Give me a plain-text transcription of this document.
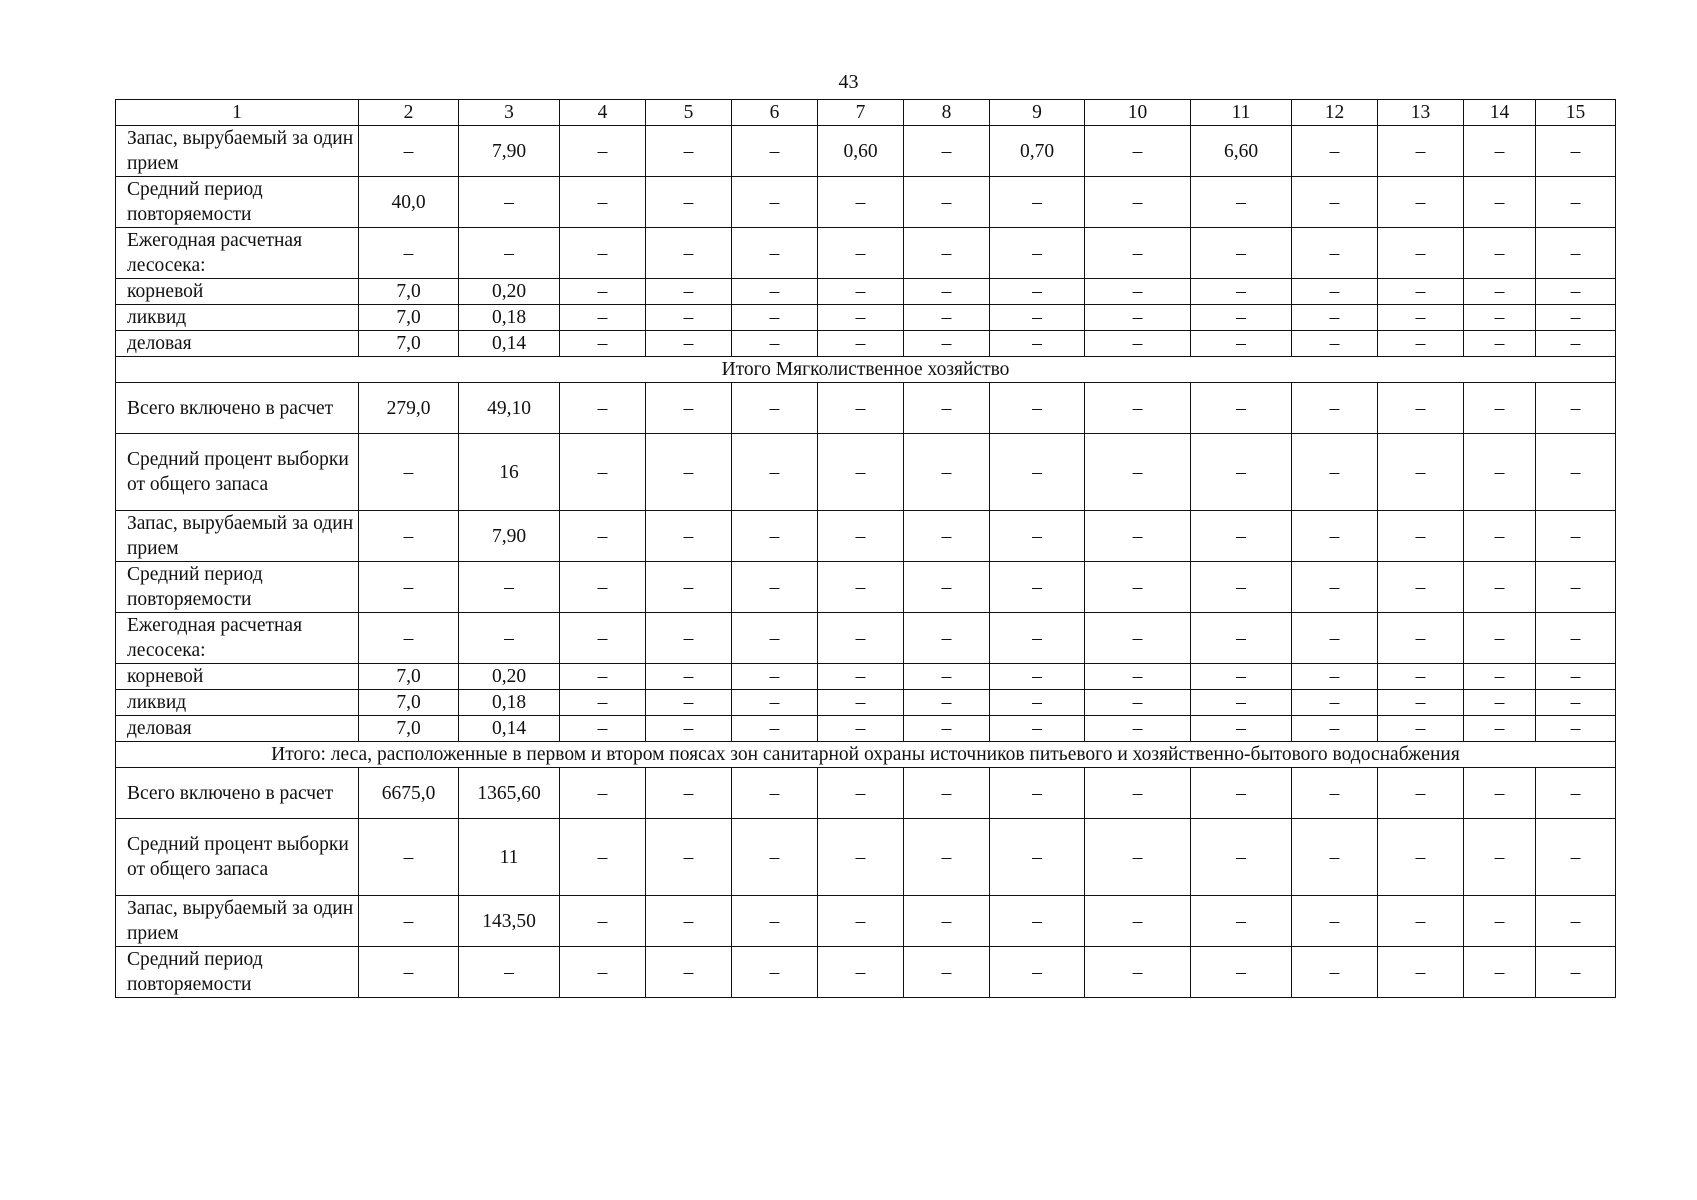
43
1	2	3	4	5	6	7	8	9	10	11	12	13	14	15
Запас, вырубаемый за один прием	–	7,90	–	–	–	0,60	–	0,70	–	6,60	–	–	–	–
Средний период повторяемости	40,0	–	–	–	–	–	–	–	–	–	–	–	–	–
Ежегодная расчетная лесосека:	–	–	–	–	–	–	–	–	–	–	–	–	–	–
корневой	7,0	0,20	–	–	–	–	–	–	–	–	–	–	–	–
ликвид	7,0	0,18	–	–	–	–	–	–	–	–	–	–	–	–
деловая	7,0	0,14	–	–	–	–	–	–	–	–	–	–	–	–
Итого Мягколиственное хозяйство														
Всего включено в расчет	279,0	49,10	–	–	–	–	–	–	–	–	–	–	–	–
Средний процент выборки от общего запаса	–	16	–	–	–	–	–	–	–	–	–	–	–	–
Запас, вырубаемый за один прием	–	7,90	–	–	–	–	–	–	–	–	–	–	–	–
Средний период повторяемости	–	–	–	–	–	–	–	–	–	–	–	–	–	–
Ежегодная расчетная лесосека:	–	–	–	–	–	–	–	–	–	–	–	–	–	–
корневой	7,0	0,20	–	–	–	–	–	–	–	–	–	–	–	–
ликвид	7,0	0,18	–	–	–	–	–	–	–	–	–	–	–	–
деловая	7,0	0,14	–	–	–	–	–	–	–	–	–	–	–	–
Итого: леса, расположенные в первом и втором поясах зон санитарной охраны источников питьевого и хозяйственно-бытового водоснабжения														
Всего включено в расчет	6675,0	1365,60	–	–	–	–	–	–	–	–	–	–	–	–
Средний процент выборки от общего запаса	–	11	–	–	–	–	–	–	–	–	–	–	–	–
Запас, вырубаемый за один прием	–	143,50	–	–	–	–	–	–	–	–	–	–	–	–
Средний период повторяемости	–	–	–	–	–	–	–	–	–	–	–	–	–	–
